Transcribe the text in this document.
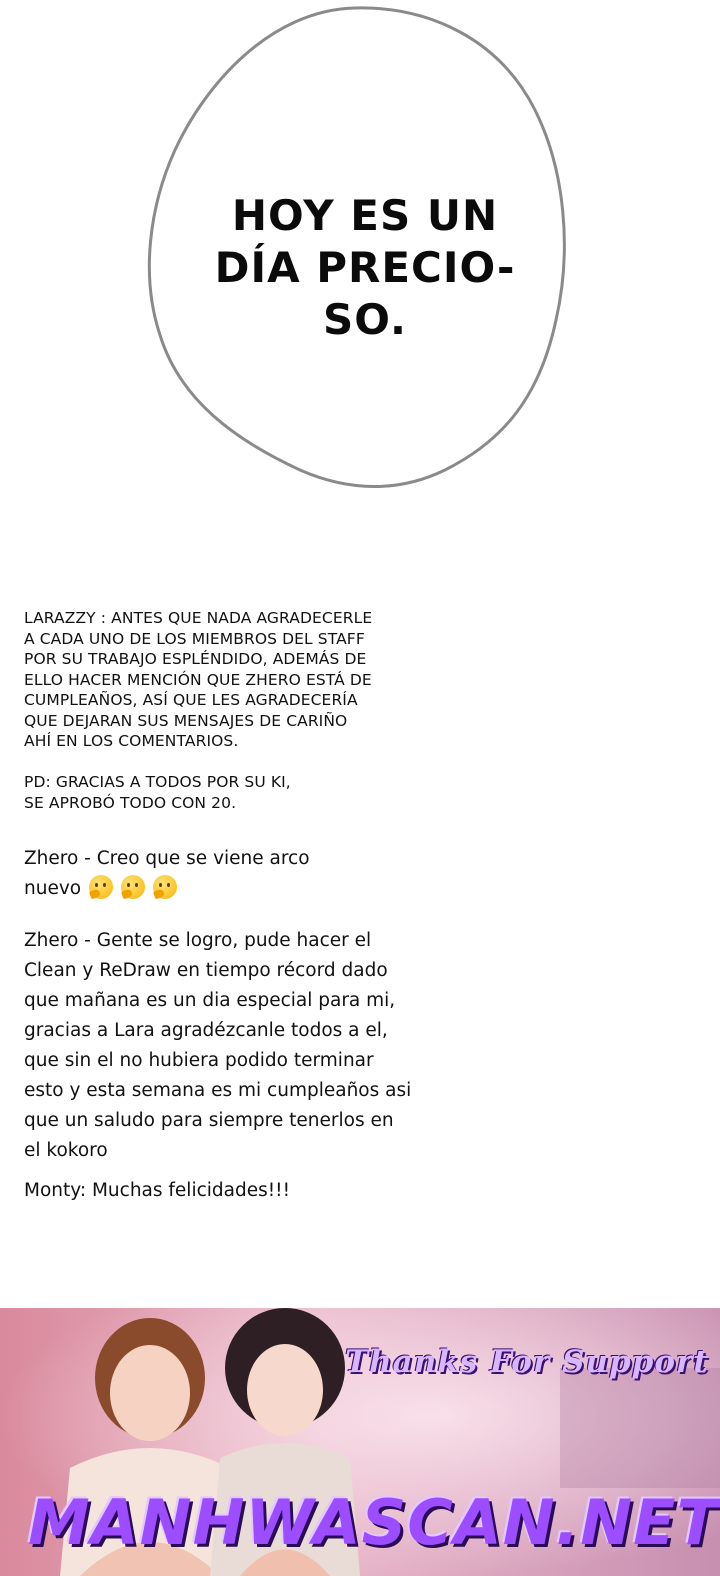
HOY ES UN
DÍA PRECIO-
SO.
LARAZZY : ANTES QUE NADA AGRADECERLE
A CADA UNO DE LOS MIEMBROS DEL STAFF
POR SU TRABAJO ESPLÉNDIDO, ADEMÁS DE
ELLO HACER MENCIÓN QUE ZHERO ESTÁ DE
CUMPLEAÑOS, ASÍ QUE LES AGRADECERÍA
QUE DEJARAN SUS MENSAJES DE CARIÑO
AHÍ EN LOS COMENTARIOS.
PD: GRACIAS A TODOS POR SU KI,
SE APROBÓ TODO CON 20.
Zhero - Creo que se viene arco
nuevo
Zhero - Gente se logro, pude hacer el
Clean y ReDraw en tiempo récord dado
que mañana es un dia especial para mi,
gracias a Lara agradézcanle todos a el,
que sin el no hubiera podido terminar
esto y esta semana es mi cumpleaños asi
que un saludo para siempre tenerlos en
el kokoro
Monty: Muchas felicidades!!!
Thanks For Support
MANHWASCAN.NET
